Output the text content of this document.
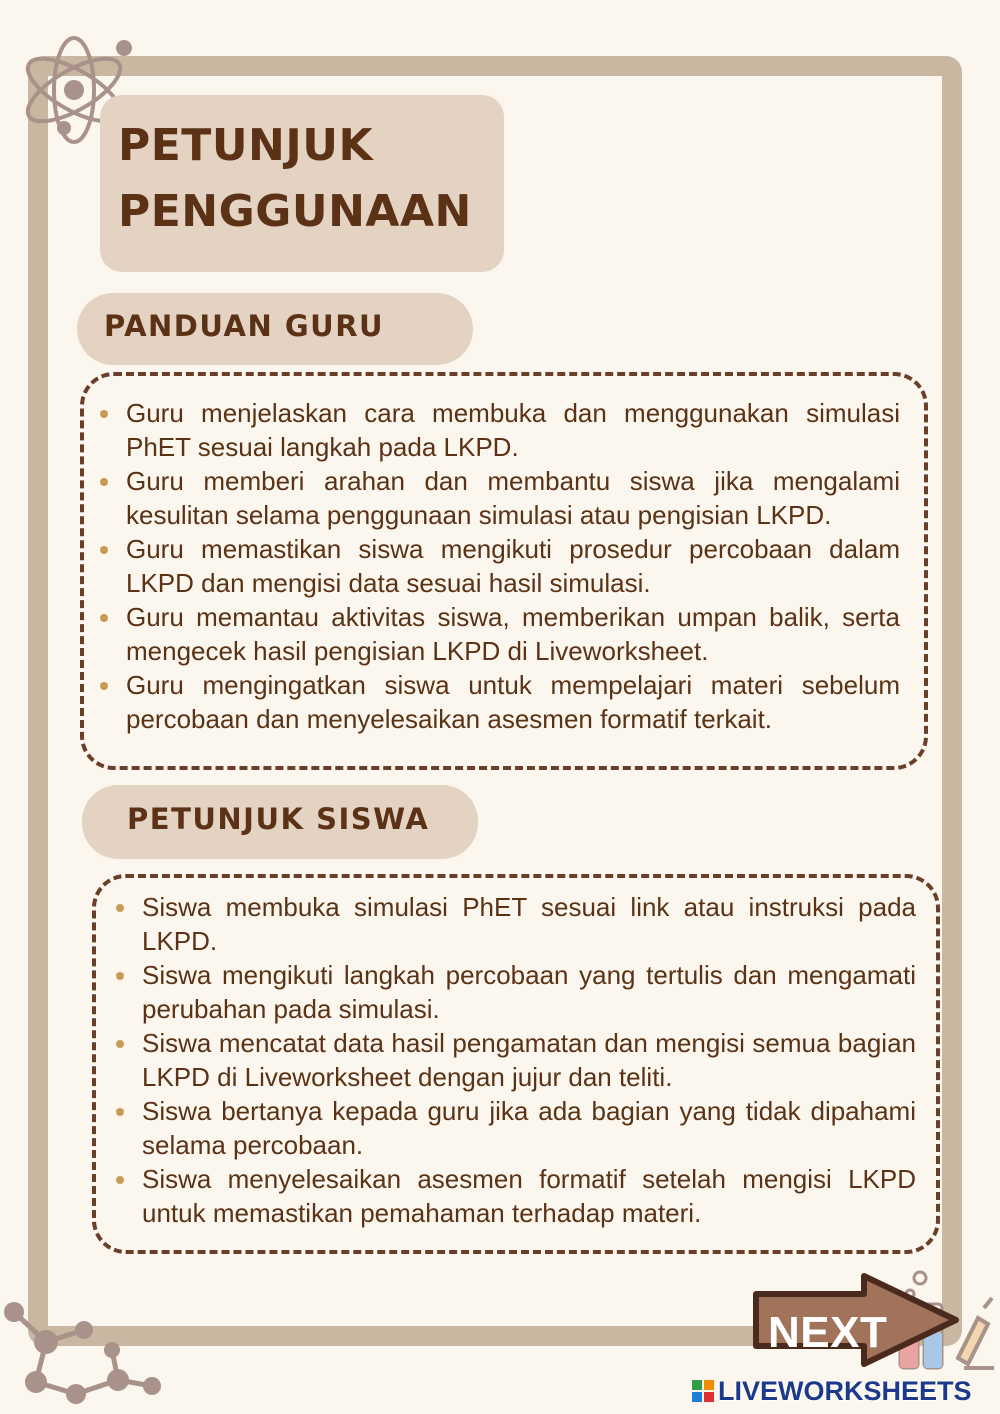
PETUNJUK

PENGGUNAAN

PANDUAN GURU

Guru menjelaskan cara membuka dan menggunakan simulasi PhET sesuai langkah pada LKPD.
Guru memberi arahan dan membantu siswa jika mengalami kesulitan selama penggunaan simulasi atau pengisian LKPD.
Guru memastikan siswa mengikuti prosedur percobaan dalam LKPD dan mengisi data sesuai hasil simulasi.
Guru memantau aktivitas siswa, memberikan umpan balik, serta mengecek hasil pengisian LKPD di Liveworksheet.
Guru mengingatkan siswa untuk mempelajari materi sebelum percobaan dan menyelesaikan asesmen formatif terkait.

PETUNJUK SISWA

Siswa membuka simulasi PhET sesuai link atau instruksi pada LKPD.
Siswa mengikuti langkah percobaan yang tertulis dan mengamati perubahan pada simulasi.
Siswa mencatat data hasil pengamatan dan mengisi semua bagian LKPD di Liveworksheet dengan jujur dan teliti.
Siswa bertanya kepada guru jika ada bagian yang tidak dipahami selama percobaan.
Siswa menyelesaikan asesmen formatif setelah mengisi LKPD untuk memastikan pemahaman terhadap materi.

NEXT

LIVEWORKSHEETS
